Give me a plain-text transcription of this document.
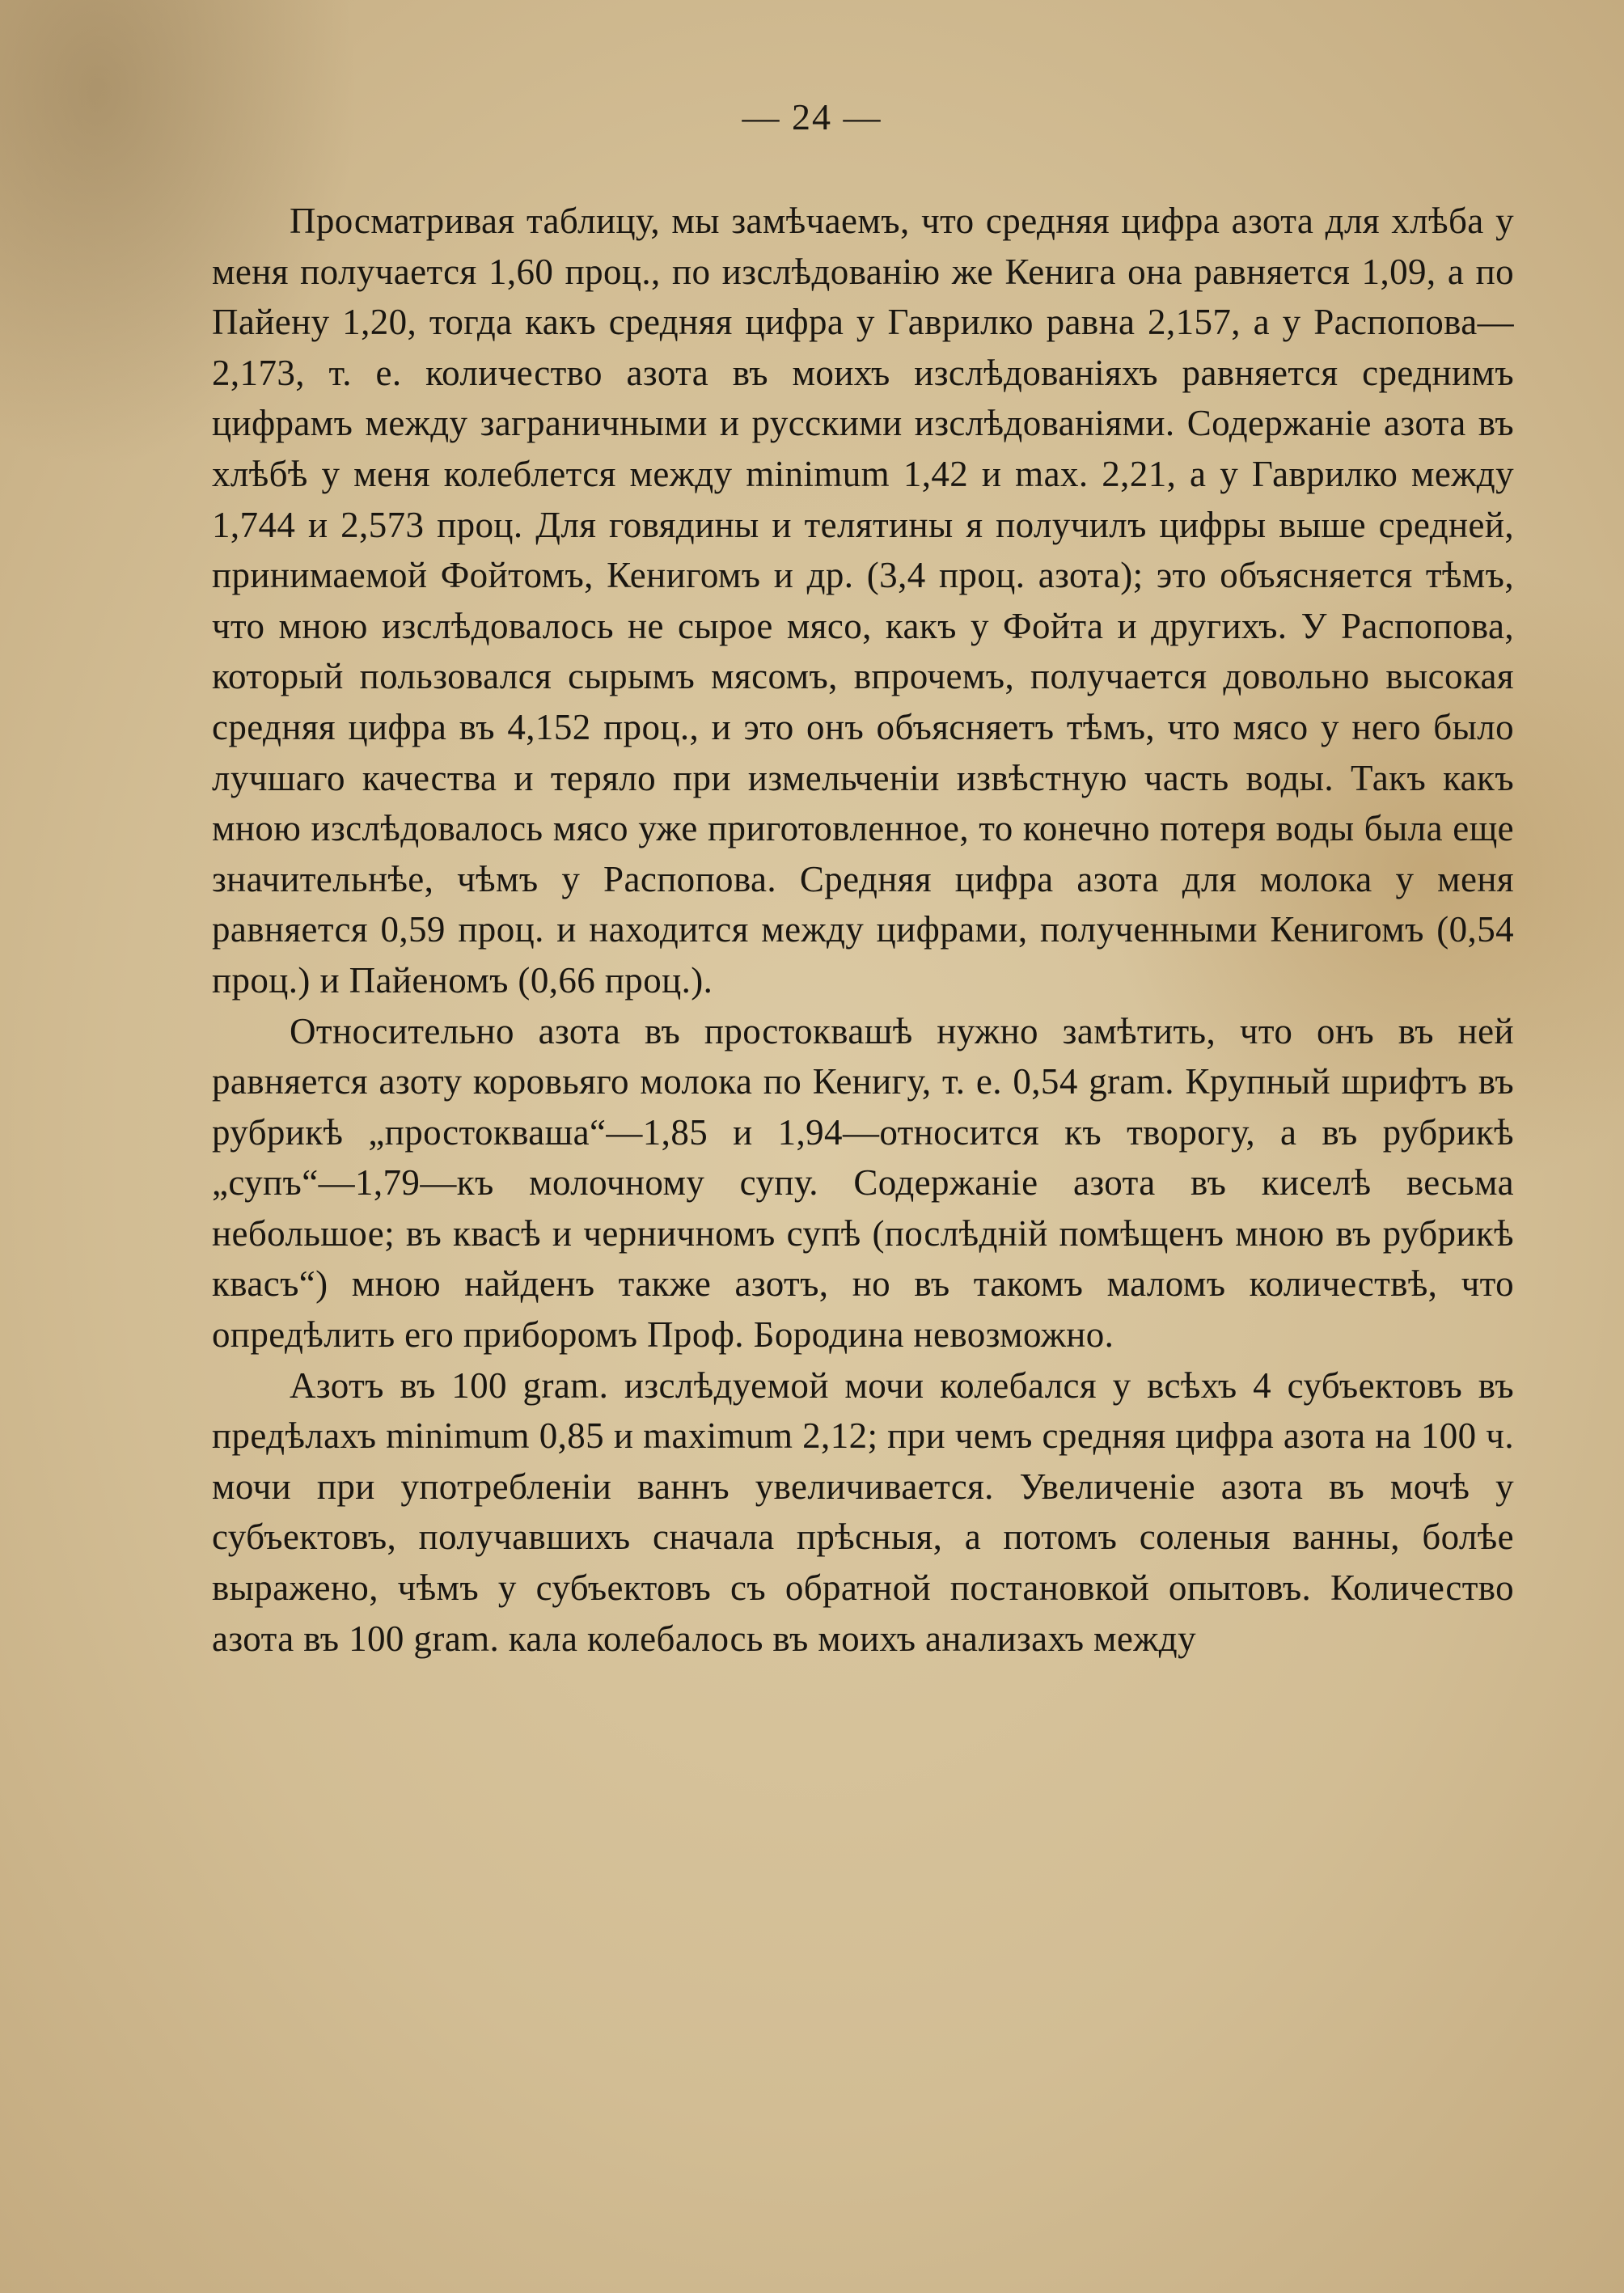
— 24 —

Просматривая таблицу, мы замѣчаемъ, что средняя цифра азота для хлѣба у меня получается 1,60 проц., по изслѣдованію же Кенига она равняется 1,09, а по Пайену 1,20, тогда какъ средняя цифра у Гаврилко равна 2,157, а у Распопова—2,173, т. е. количество азота въ моихъ изслѣдованіяхъ равняется среднимъ цифрамъ между заграничными и русскими изслѣдованіями. Содержаніе азота въ хлѣбѣ у меня колеблется между minimum 1,42 и max. 2,21, а у Гаврилко между 1,744 и 2,573 проц. Для говядины и телятины я получилъ цифры выше средней, принимаемой Фойтомъ, Кенигомъ и др. (3,4 проц. азота); это объясняется тѣмъ, что мною изслѣдовалось не сырое мясо, какъ у Фойта и другихъ. У Распопова, который пользовался сырымъ мясомъ, впрочемъ, получается довольно высокая средняя цифра въ 4,152 проц., и это онъ объясняетъ тѣмъ, что мясо у него было лучшаго качества и теряло при измельченіи извѣстную часть воды. Такъ какъ мною изслѣдовалось мясо уже приготовленное, то конечно потеря воды была еще значительнѣе, чѣмъ у Распопова. Средняя цифра азота для молока у меня равняется 0,59 проц. и находится между цифрами, полученными Кенигомъ (0,54 проц.) и Пайеномъ (0,66 проц.).

Относительно азота въ простоквашѣ нужно замѣтить, что онъ въ ней равняется азоту коровьяго молока по Кенигу, т. е. 0,54 gram. Крупный шрифтъ въ рубрикѣ „простокваша“—1,85 и 1,94—относится къ творогу, а въ рубрикѣ „супъ“—1,79—къ молочному супу. Содержаніе азота въ киселѣ весьма небольшое; въ квасѣ и черничномъ супѣ (послѣдній помѣщенъ мною въ рубрикѣ квасъ“) мною найденъ также азотъ, но въ такомъ маломъ количествѣ, что опредѣлить его приборомъ Проф. Бородина невозможно.

Азотъ въ 100 gram. изслѣдуемой мочи колебался у всѣхъ 4 субъектовъ въ предѣлахъ minimum 0,85 и maximum 2,12; при чемъ средняя цифра азота на 100 ч. мочи при употребленіи ваннъ увеличивается. Увеличеніе азота въ мочѣ у субъектовъ, получавшихъ сначала прѣсныя, а потомъ соленыя ванны, болѣе выражено, чѣмъ у субъектовъ съ обратной постановкой опытовъ. Количество азота въ 100 gram. кала колебалось въ моихъ анализахъ между
